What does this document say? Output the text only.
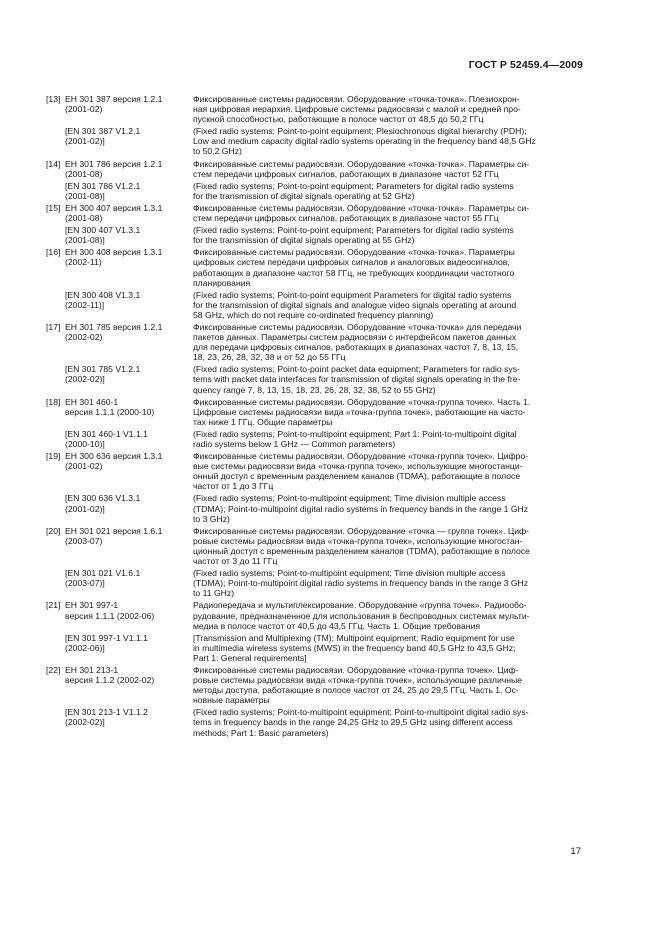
ГОСТ Р 52459.4—2009
[13] EH 301 387 версия 1.2.1
(2001-02)
Фиксированные системы радиосвязи. Оборудование «точка-точка». Плезиохрон-
ная цифровая иерархия. Цифровые системы радиосвязи с малой и средней про-
пускной способностью, работающие в полосе частот от 48,5 до 50,2 ГГц
[EN 301 387 V1.2.1
(2001-02)]
(Fixed radio systems; Point-to-point equipment; Plesiochronous digital hierarchy (PDH);
Low and medium capacity digital radio systems operating in the frequency band 48,5 GHz
to 50,2 GHz)
[14] EH 301 786 версия 1.2.1
(2001-08)
Фиксированные системы радиосвязи. Оборудование «точка-точка». Параметры си-
стем передачи цифровых сигналов, работающих в диапазоне частот 52 ГГц
[EN 301 786 V1.2.1
(2001-08)]
(Fixed radio systems; Point-to-point equipment; Parameters for digital radio systems
for the transmission of digital signals operating at 52 GHz)
[15] EH 300 407 версия 1.3.1
(2001-08)
Фиксированные системы радиосвязи. Оборудование «точка-точка». Параметры си-
стем передачи цифровых сигналов, работающих в диапазоне частот 55 ГГц
[EN 300 407 V1.3.1
(2001-08)]
(Fixed radio systems; Point-to-point equipment; Parameters for digital radio systems
for the transmission of digital signals operating at 55 GHz)
[16] EH 300 408 версия 1.3.1
(2002-11)
Фиксированные системы радиосвязи. Оборудование «точка-точка». Параметры
цифровых систем передачи цифровых сигналов и аналоговых видеосигналов,
работающих в диапазоне частот 58 ГГц, не требующих координации частотного
планирования
[EN 300 408 V1.3.1
(2002-11)]
(Fixed radio systems; Point-to-point equipment Parameters for digital radio systems
for the transmission of digital signals and analogue video signals operating at around
58 GHz, which do not require co-ordinated frequency planning)
[17] EH 301 785 версия 1.2.1
(2002-02)
Фиксированные системы радиосвязи. Оборудование «точка-точка» для передачи
пакетов данных. Параметры систем радиосвязи с интерфейсом пакетов данных
для передачи цифровых сигналов, работающих в диапазонах частот 7, 8, 13, 15,
18, 23, 26, 28, 32, 38 и от 52 до 55 ГГц
[EN 301 785 V1.2.1
(2002-02)]
(Fixed radio systems; Point-to-point packet data equipment; Parameters for radio sys-
tems with packet data interfaces for transmission of digital signals operating in the fre-
quency range 7, 8, 13, 15, 18, 23, 26, 28, 32, 38, 52 to 55 GHz)
[18] EH 301 460-1
версия 1.1.1 (2000-10)
Фиксированные системы радиосвязи. Оборудование «точка-группа точек». Часть 1.
Цифровые системы радиосвязи вида «точка-группа точек», работающие на часто-
тах ниже 1 ГГц. Общие параметры
[EN 301 460-1 V1.1.1
(2000-10)]
(Fixed radio systems; Point-to-multipoint equipment; Part 1: Point-to-multipoint digital
radio systems below 1 GHz — Common parameters)
[19] EH 300 636 версия 1.3.1
(2001-02)
Фиксированные системы радиосвязи. Оборудование «точка-группа точек». Цифро-
вые системы радиосвязи вида «точка-группа точек», использующие многостанци-
онный доступ с временным разделением каналов (TDMA), работающие в полосе
частот от 1 до 3 ГГц
[EN 300 636 V1.3.1
(2001-02)]
(Fixed radio systems; Point-to-multipoint equipment; Time division multiple access
(TDMA); Point-to-multipoint digital radio systems in frequency bands in the range 1 GHz
to 3 GHz)
[20] EH 301 021 версия 1.6.1
(2003-07)
Фиксированные системы радиосвязи. Оборудование «точка — группа точек». Циф-
ровые системы радиосвязи вида «точка-группа точек», использующие многостан-
ционный доступ с временным разделением каналов (TDMA), работающие в полосе
частот от 3 до 11 ГГц
[EN 301 021 V1.6.1
(2003-07)]
(Fixed radio systems; Point-to-multipoint equipment; Time division multiple access
(TDMA); Point-to-multipoint digital radio systems in frequency bands in the range 3 GHz
to 11 GHz)
[21] EH 301 997-1
версия 1.1.1 (2002-06)
Радиопередача и мультиплексирование. Оборудование «группа точек». Радиообо-
рудование, предназначенное для использования в беспроводных системах мульти-
медиа в полосе частот от 40,5 до 43,5 ГГц. Часть 1. Общие требования
[EN 301 997-1 V1.1.1
(2002-06)]
[Transmission and Multiplexing (TM); Multipoint equipment; Radio equipment for use
in multimedia wireless systems (MWS) in the frequency band 40,5 GHz to 43,5 GHz;
Part 1: General requirements]
[22] EH 301 213-1
версия 1.1.2 (2002-02)
Фиксированные системы радиосвязи. Оборудование «точка-группа точек». Циф-
ровые системы радиосвязи вида «точка-группа точек», использующие различные
методы доступа, работающие в полосе частот от 24, 25 до 29,5 ГГц. Часть 1. Ос-
новные параметры
[EN 301 213-1 V1.1.2
(2002-02)]
(Fixed radio systems; Point-to-multipoint equipment; Point-to-multipoint digital radio sys-
tems in frequency bands in the range 24,25 GHz to 29,5 GHz using different access
methods; Part 1: Basic parameters)
17
